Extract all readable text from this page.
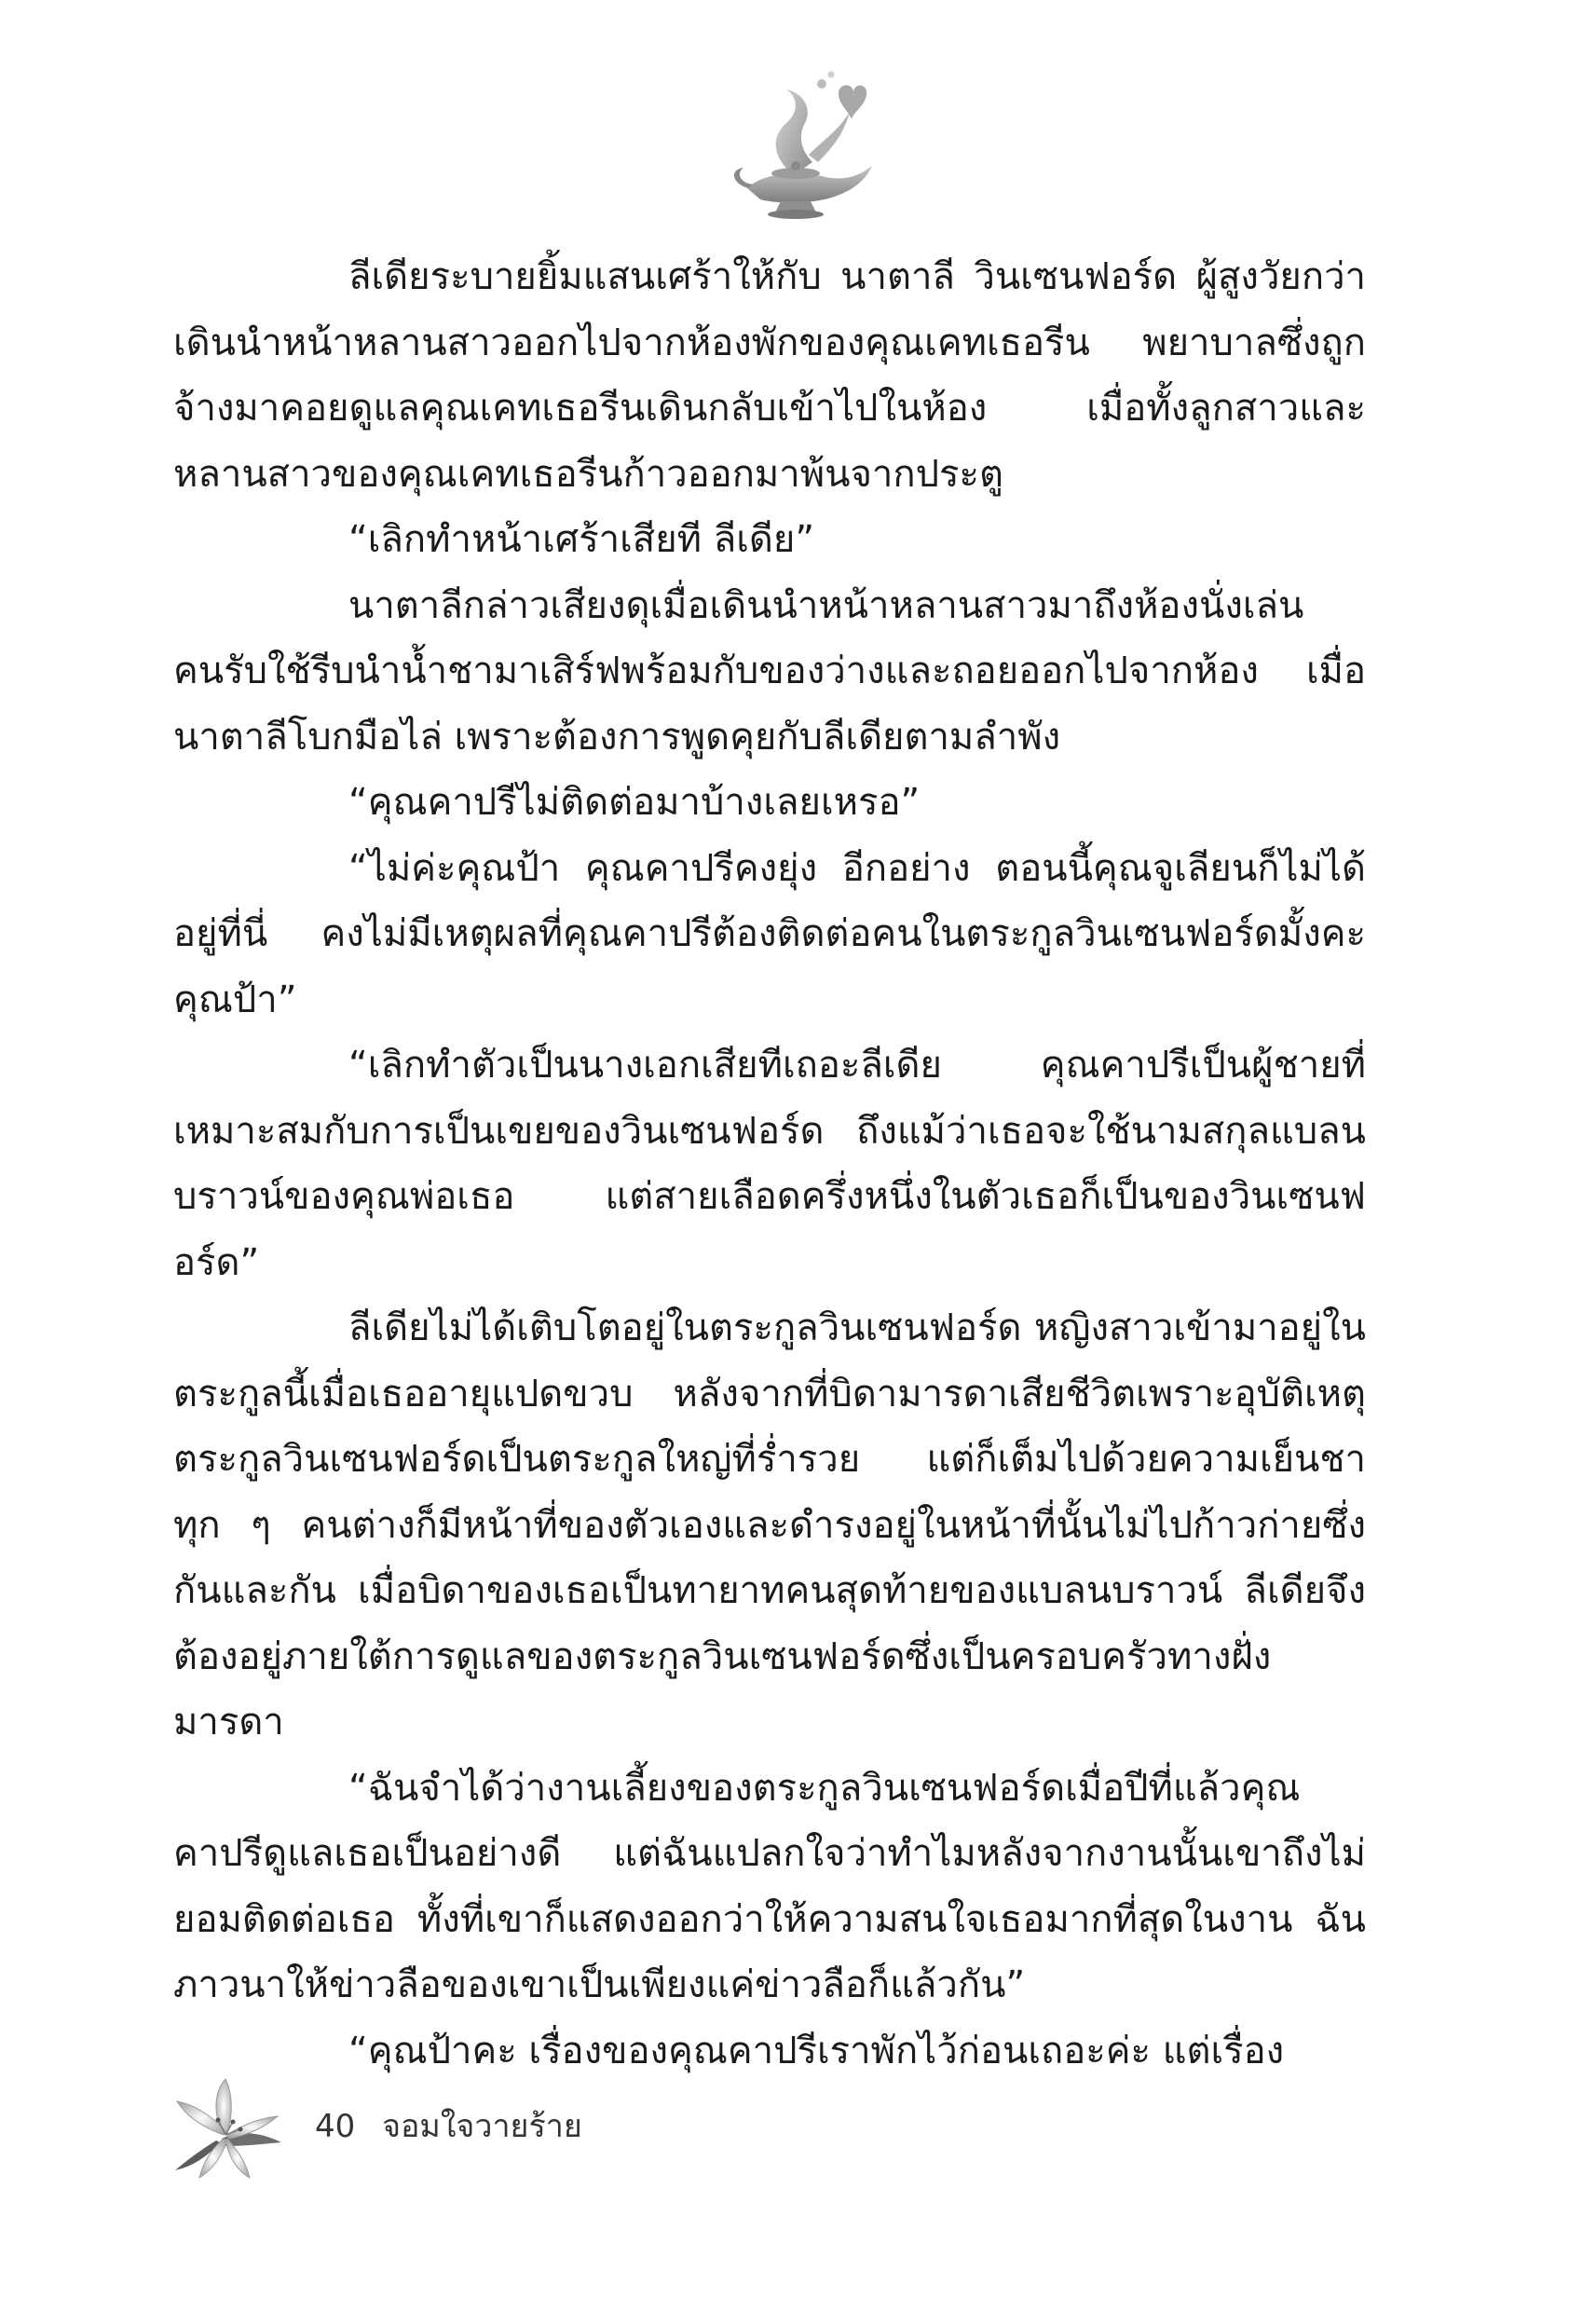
ลีเดียระบายยิ้มแสนเศร้าให้กับ นาตาลี วินเซนฟอร์ด ผู้สูงวัยกว่าเดินนำหน้าหลานสาวออกไปจากห้องพักของคุณเคทเธอรีน พยาบาลซึ่งถูกจ้างมาคอยดูแลคุณเคทเธอรีนเดินกลับเข้าไปในห้อง เมื่อทั้งลูกสาวและหลานสาวของคุณเคทเธอรีนก้าวออกมาพ้นจากประตู

“เลิกทำหน้าเศร้าเสียที ลีเดีย”

นาตาลีกล่าวเสียงดุเมื่อเดินนำหน้าหลานสาวมาถึงห้องนั่งเล่น คนรับใช้รีบนำน้ำชามาเสิร์ฟพร้อมกับของว่างและถอยออกไปจากห้อง เมื่อนาตาลีโบกมือไล่ เพราะต้องการพูดคุยกับลีเดียตามลำพัง

“คุณคาปรีไม่ติดต่อมาบ้างเลยเหรอ”

“ไม่ค่ะคุณป้า คุณคาปรีคงยุ่ง อีกอย่าง ตอนนี้คุณจูเลียนก็ไม่ได้อยู่ที่นี่ คงไม่มีเหตุผลที่คุณคาปรีต้องติดต่อคนในตระกูลวินเซนฟอร์ดมั้งคะคุณป้า”

“เลิกทำตัวเป็นนางเอกเสียทีเถอะลีเดีย คุณคาปรีเป็นผู้ชายที่เหมาะสมกับการเป็นเขยของวินเซนฟอร์ด ถึงแม้ว่าเธอจะใช้นามสกุลแบลนบราวน์ของคุณพ่อเธอ แต่สายเลือดครึ่งหนึ่งในตัวเธอก็เป็นของวินเซนฟอร์ด”

ลีเดียไม่ได้เติบโตอยู่ในตระกูลวินเซนฟอร์ด หญิงสาวเข้ามาอยู่ในตระกูลนี้เมื่อเธออายุแปดขวบ หลังจากที่บิดามารดาเสียชีวิตเพราะอุบัติเหตุ ตระกูลวินเซนฟอร์ดเป็นตระกูลใหญ่ที่ร่ำรวย แต่ก็เต็มไปด้วยความเย็นชา ทุก ๆ คนต่างก็มีหน้าที่ของตัวเองและดำรงอยู่ในหน้าที่นั้นไม่ไปก้าวก่ายซึ่งกันและกัน เมื่อบิดาของเธอเป็นทายาทคนสุดท้ายของแบลนบราวน์ ลีเดียจึงต้องอยู่ภายใต้การดูแลของตระกูลวินเซนฟอร์ดซึ่งเป็นครอบครัวทางฝั่งมารดา

“ฉันจำได้ว่างานเลี้ยงของตระกูลวินเซนฟอร์ดเมื่อปีที่แล้วคุณคาปรีดูแลเธอเป็นอย่างดี แต่ฉันแปลกใจว่าทำไมหลังจากงานนั้นเขาถึงไม่ยอมติดต่อเธอ ทั้งที่เขาก็แสดงออกว่าให้ความสนใจเธอมากที่สุดในงาน ฉันภาวนาให้ข่าวลือของเขาเป็นเพียงแค่ข่าวลือก็แล้วกัน”

“คุณป้าคะ เรื่องของคุณคาปรีเราพักไว้ก่อนเถอะค่ะ แต่เรื่อง

40 จอมใจวายร้าย
